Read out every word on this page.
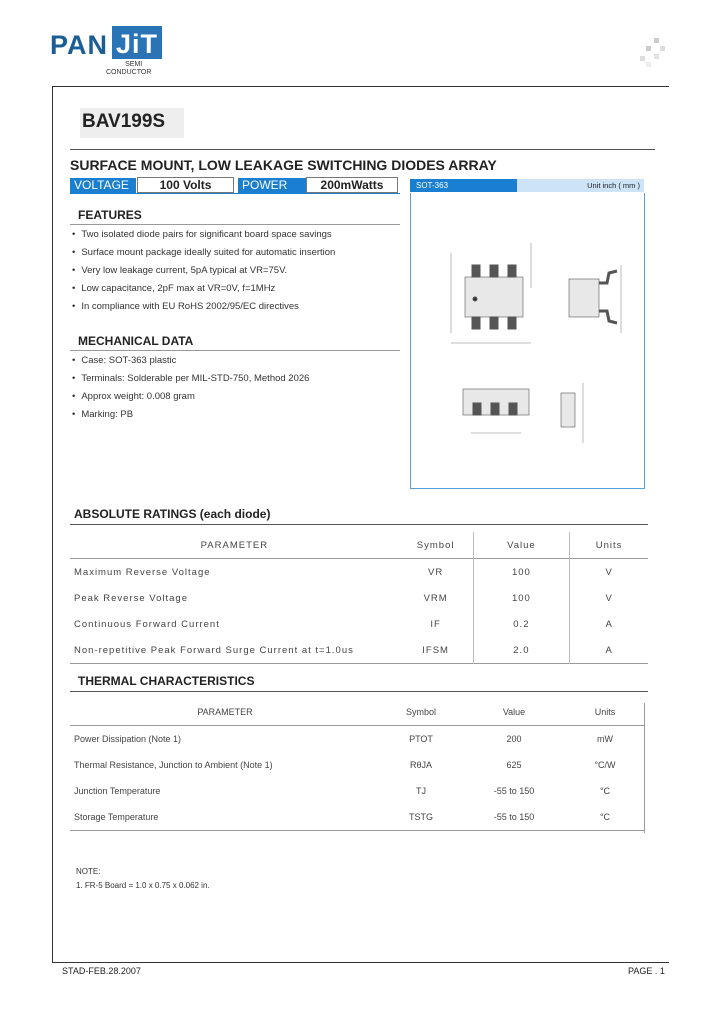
PAN JiT
SEMI
CONDUCTOR
BAV199S
SURFACE MOUNT, LOW LEAKAGE SWITCHING DIODES ARRAY
VOLTAGE	100 Volts	POWER	200mWatts	SOT-363	Unit inch ( mm )
FEATURES
• Two isolated diode pairs for significant board space savings
• Surface mount package ideally suited for automatic insertion
• Very low leakage current, 5pA typical at VR=75V.
• Low capacitance, 2pF max at VR=0V, f=1MHz
• In compliance with EU RoHS 2002/95/EC directives
MECHANICAL DATA
• Case: SOT-363 plastic
• Terminals: Solderable per MIL-STD-750, Method 2026
• Approx weight: 0.008 gram
• Marking: PB
ABSOLUTE RATINGS (each diode)
PARAMETER	Symbol	Value	Units
Maximum Reverse Voltage	VR	100	V
Peak Reverse Voltage	VRM	100	V
Continuous Forward Current	IF	0.2	A
Non-repetitive Peak Forward Surge Current at t=1.0us	IFSM	2.0	A
THERMAL CHARACTERISTICS
PARAMETER	Symbol	Value	Units
Power Dissipation (Note 1)	PTOT	200	mW
Thermal Resistance, Junction to Ambient (Note 1)	RθJA	625	°C/W
Junction Temperature	TJ	-55 to 150	°C
Storage Temperature	TSTG	-55 to 150	°C
NOTE:
1. FR-5 Board = 1.0 x 0.75 x 0.062 in.
STAD-FEB.28.2007	PAGE . 1
